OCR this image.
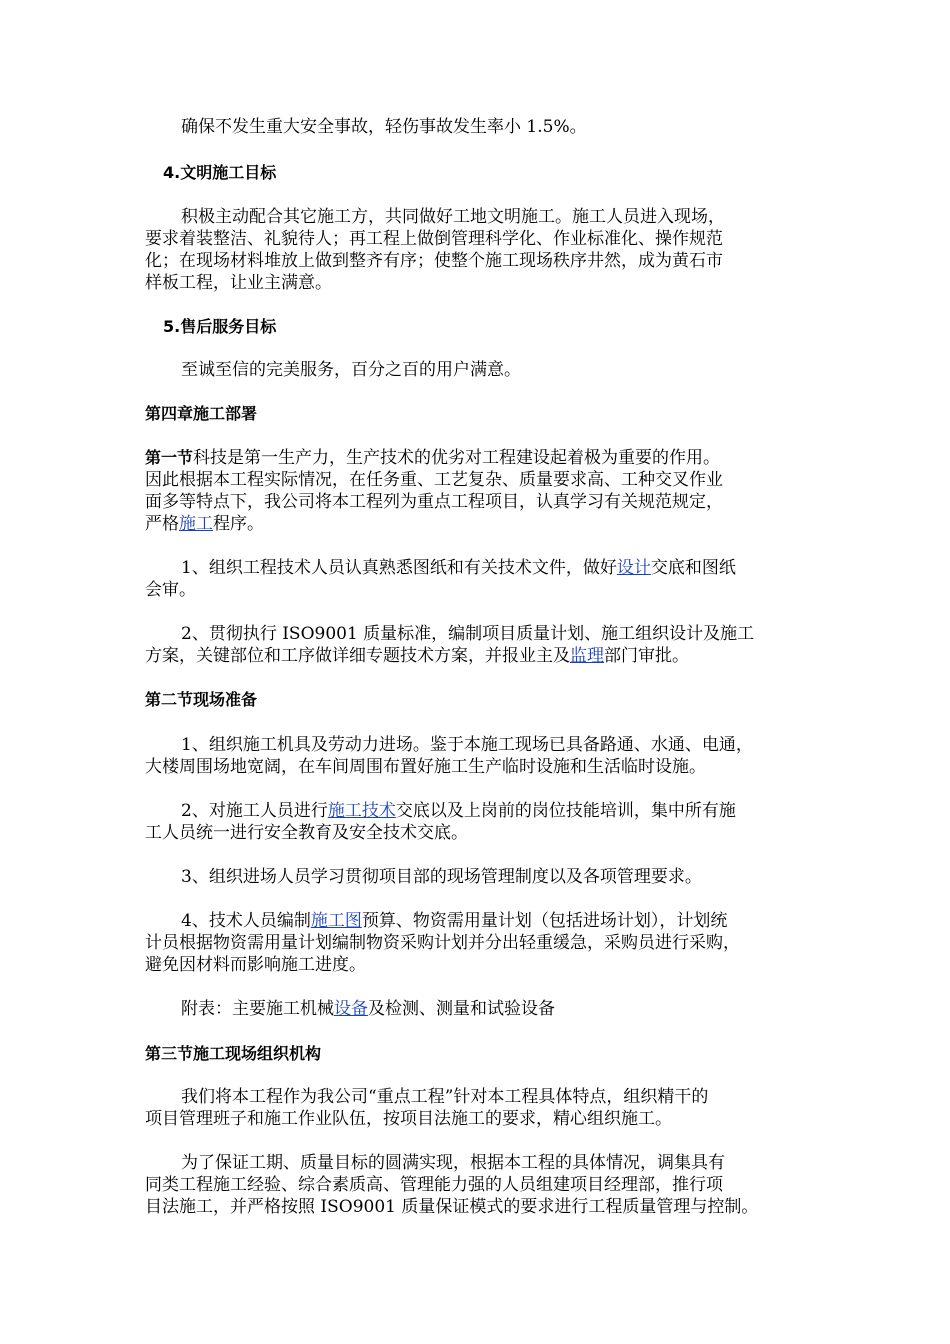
确保不发生重大安全事故，轻伤事故发生率小 1.5%。
4.文明施工目标
积极主动配合其它施工方，共同做好工地文明施工。施工人员进入现场，
要求着装整洁、礼貌待人；再工程上做倒管理科学化、作业标准化、操作规范
化；在现场材料堆放上做到整齐有序；使整个施工现场秩序井然，成为黄石市
样板工程，让业主满意。
5.售后服务目标
至诚至信的完美服务，百分之百的用户满意。
第四章施工部署
第一节科技是第一生产力，生产技术的优劣对工程建设起着极为重要的作用。
因此根据本工程实际情况，在任务重、工艺复杂、质量要求高、工种交叉作业
面多等特点下，我公司将本工程列为重点工程项目，认真学习有关规范规定，
严格施工程序。
1、组织工程技术人员认真熟悉图纸和有关技术文件，做好设计交底和图纸
会审。
2、贯彻执行 ISO9001 质量标准，编制项目质量计划、施工组织设计及施工
方案，关键部位和工序做详细专题技术方案，并报业主及监理部门审批。
第二节现场准备
1、组织施工机具及劳动力进场。鉴于本施工现场已具备路通、水通、电通，
大楼周围场地宽阔，在车间周围布置好施工生产临时设施和生活临时设施。
2、对施工人员进行施工技术交底以及上岗前的岗位技能培训，集中所有施
工人员统一进行安全教育及安全技术交底。
3、组织进场人员学习贯彻项目部的现场管理制度以及各项管理要求。
4、技术人员编制施工图预算、物资需用量计划（包括进场计划），计划统
计员根据物资需用量计划编制物资采购计划并分出轻重缓急，采购员进行采购，
避免因材料而影响施工进度。
附表：主要施工机械设备及检测、测量和试验设备
第三节施工现场组织机构
我们将本工程作为我公司“重点工程”针对本工程具体特点，组织精干的
项目管理班子和施工作业队伍，按项目法施工的要求，精心组织施工。
为了保证工期、质量目标的圆满实现，根据本工程的具体情况，调集具有
同类工程施工经验、综合素质高、管理能力强的人员组建项目经理部，推行项
目法施工，并严格按照 ISO9001 质量保证模式的要求进行工程质量管理与控制。
